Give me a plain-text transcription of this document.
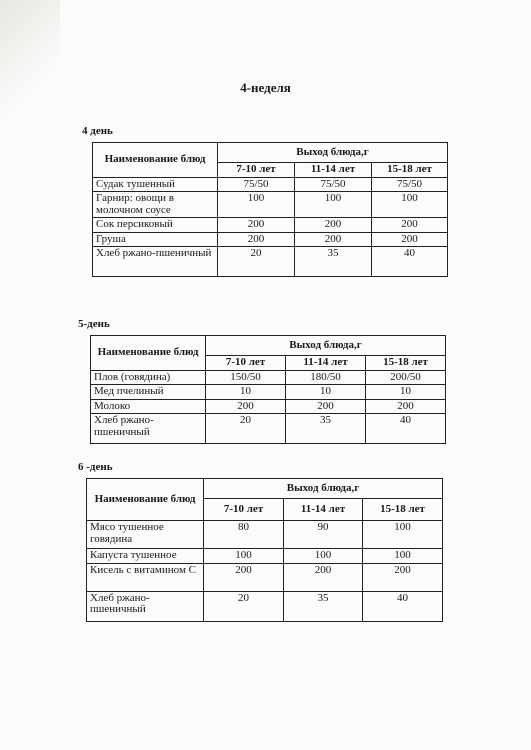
4-неделя
4 день
Наименование блюд	Выход блюда,г		
	7-10 лет	11-14 лет	15-18 лет
Судак тушенный	75/50	75/50	75/50
Гарнир: овощи в молочном соусе	100	100	100
Сок персиковый	200	200	200
Груша	200	200	200
Хлеб ржано-пшеничный	20	35	40
5-день
Наименование блюд	Выход блюда,г		
	7-10 лет	11-14 лет	15-18 лет
Плов (говядина)	150/50	180/50	200/50
Мед пчелиный	10	10	10
Молоко	200	200	200
Хлеб ржано-пшеничный	20	35	40
6 -день
Наименование блюд	Выход блюда,г		
	7-10 лет	11-14 лет	15-18 лет
Мясо тушенное говядина	80	90	100
Капуста тушенное	100	100	100
Кисель с витамином С	200	200	200
Хлеб ржано-пшеничный	20	35	40
